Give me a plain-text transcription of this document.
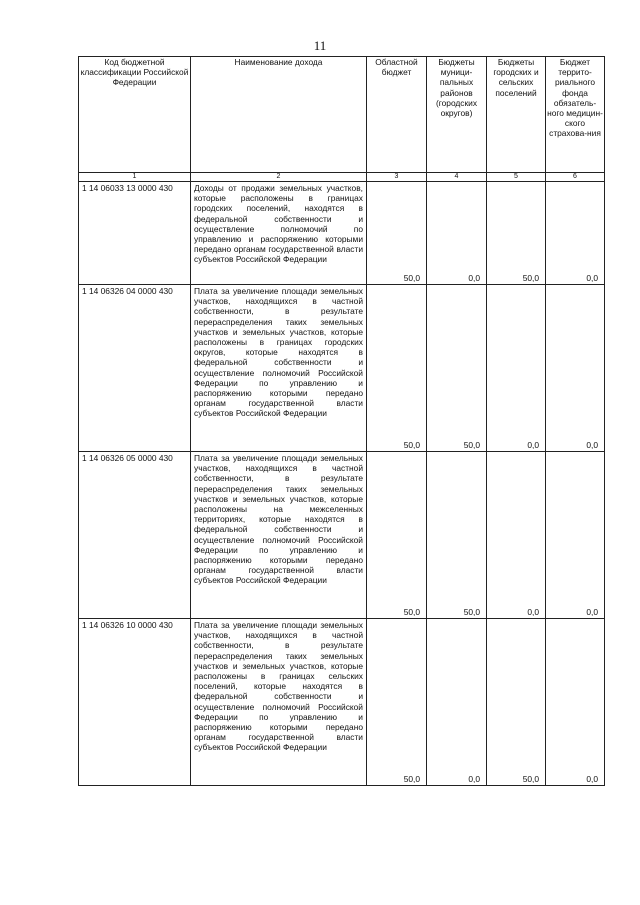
11
Код бюджетной классификации Российской Федерации	Наименование дохода	Областной бюджет	Бюджеты муници-пальных районов (городских округов)	Бюджеты городских и сельских поселений	Бюджет террито-риального фонда обязатель-ного медицин-ского страхова-ния
1	2	3	4	5	6
1 14 06033 13 0000 430	Доходы от продажи земельных участков, которые расположены в границах городских поселений, находятся в федеральной собственности и осуществление полномочий по управлению и распоряжению которыми передано органам государственной власти субъектов Российской Федерации	50,0	0,0	50,0	0,0
1 14 06326 04 0000 430	Плата за увеличение площади земельных участков, находящихся в частной собственности, в результате перераспределения таких земельных участков и земельных участков, которые расположены в границах городских округов, которые находятся в федеральной собственности и осуществление полномочий Российской Федерации по управлению и распоряжению которыми передано органам государственной власти субъектов Российской Федерации	50,0	50,0	0,0	0,0
1 14 06326 05 0000 430	Плата за увеличение площади земельных участков, находящихся в частной собственности, в результате перераспределения таких земельных участков и земельных участков, которые расположены на межселенных территориях, которые находятся в федеральной собственности и осуществление полномочий Российской Федерации по управлению и распоряжению которыми передано органам государственной власти субъектов Российской Федерации	50,0	50,0	0,0	0,0
1 14 06326 10 0000 430	Плата за увеличение площади земельных участков, находящихся в частной собственности, в результате перераспределения таких земельных участков и земельных участков, которые расположены в границах сельских поселений, которые находятся в федеральной собственности и осуществление полномочий Российской Федерации по управлению и распоряжению которыми передано органам государственной власти субъектов Российской Федерации	50,0	0,0	50,0	0,0
